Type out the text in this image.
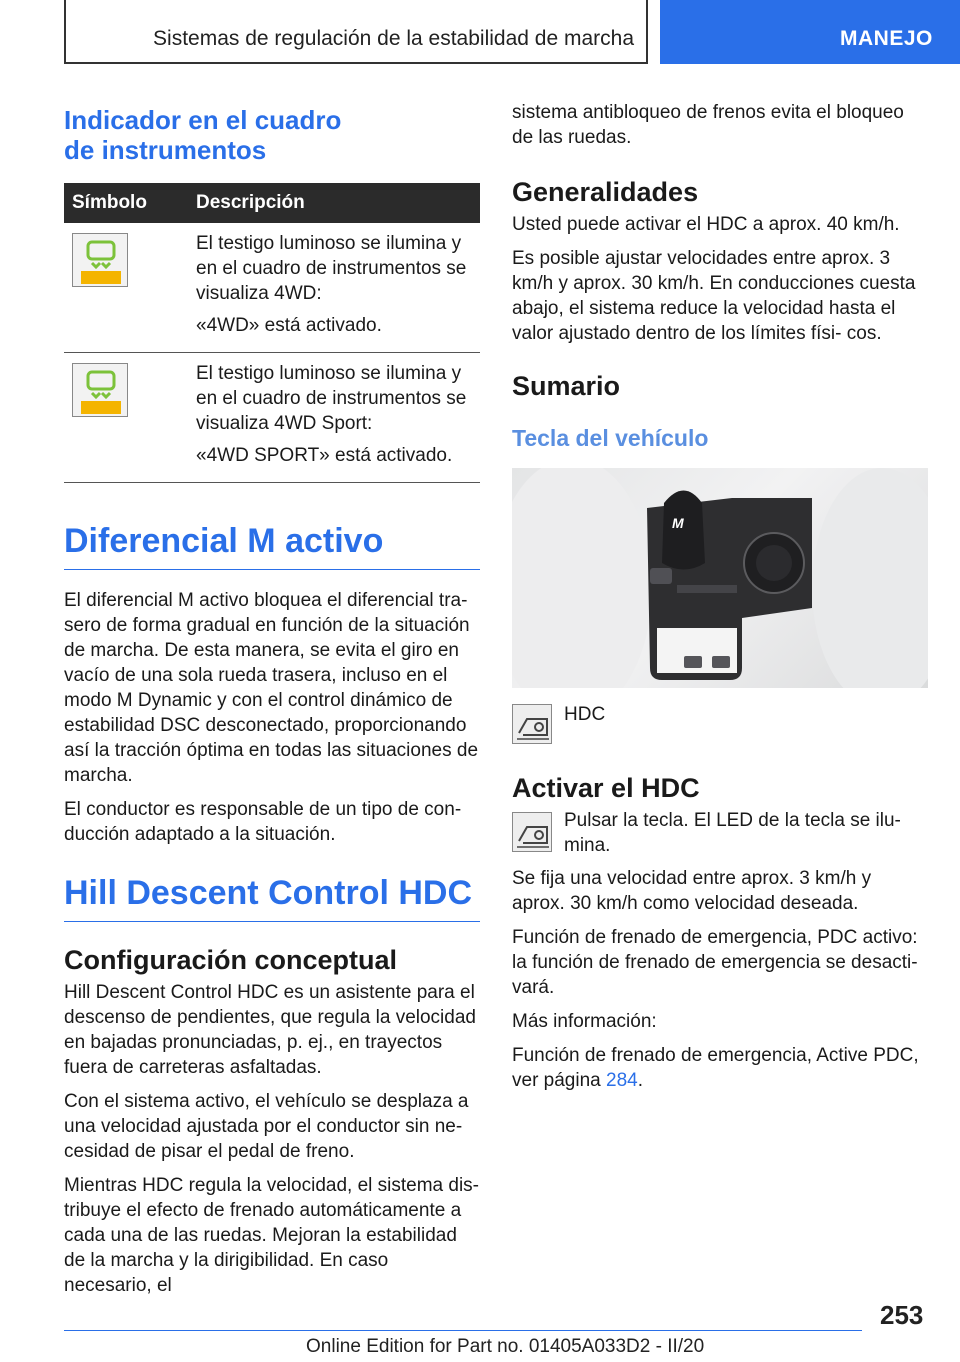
Sistemas de regulación de la estabilidad de marcha	MANEJO
Indicador en el cuadro
de instrumentos
Símbolo	Descripción

El testigo luminoso se ilumina y en el cuadro de instrumentos se visualiza 4WD:

«4WD» está activado.

El testigo luminoso se ilumina y en el cuadro de instrumentos se visualiza 4WD Sport:

«4WD SPORT» está activado.

Diferencial M activo

El diferencial M activo bloquea el diferencial tra- sero de forma gradual en función de la situación de marcha. De esta manera, se evita el giro en vacío de una sola rueda trasera, incluso en el modo M Dynamic y con el control dinámico de estabilidad DSC desconectado, proporcionando así la tracción óptima en todas las situaciones de marcha.

El conductor es responsable de un tipo de con- ducción adaptado a la situación.

Hill Descent Control HDC
Configuración conceptual

Hill Descent Control HDC es un asistente para el descenso de pendientes, que regula la velocidad en bajadas pronunciadas, p. ej., en trayectos fuera de carreteras asfaltadas.

Con el sistema activo, el vehículo se desplaza a una velocidad ajustada por el conductor sin ne- cesidad de pisar el pedal de freno.

Mientras HDC regula la velocidad, el sistema dis- tribuye el efecto de frenado automáticamente a cada una de las ruedas. Mejoran la estabilidad de la marcha y la dirigibilidad. En caso necesario, el

sistema antibloqueo de frenos evita el bloqueo de las ruedas.

Generalidades

Usted puede activar el HDC a aprox. 40 km/h.

Es posible ajustar velocidades entre aprox. 3 km/h y aprox. 30 km/h. En conducciones cuesta abajo, el sistema reduce la velocidad hasta el valor ajustado dentro de los límites físi- cos.

Sumario
Tecla del vehículo
M

HDC

Activar el HDC

Pulsar la tecla. El LED de la tecla se ilu- mina.

Se fija una velocidad entre aprox. 3 km/h y aprox. 30 km/h como velocidad deseada.

Función de frenado de emergencia, PDC activo: la función de frenado de emergencia se desacti- vará.

Más información:

Función de frenado de emergencia, Active PDC, ver página 284.

253
Online Edition for Part no. 01405A033D2 - II/20
